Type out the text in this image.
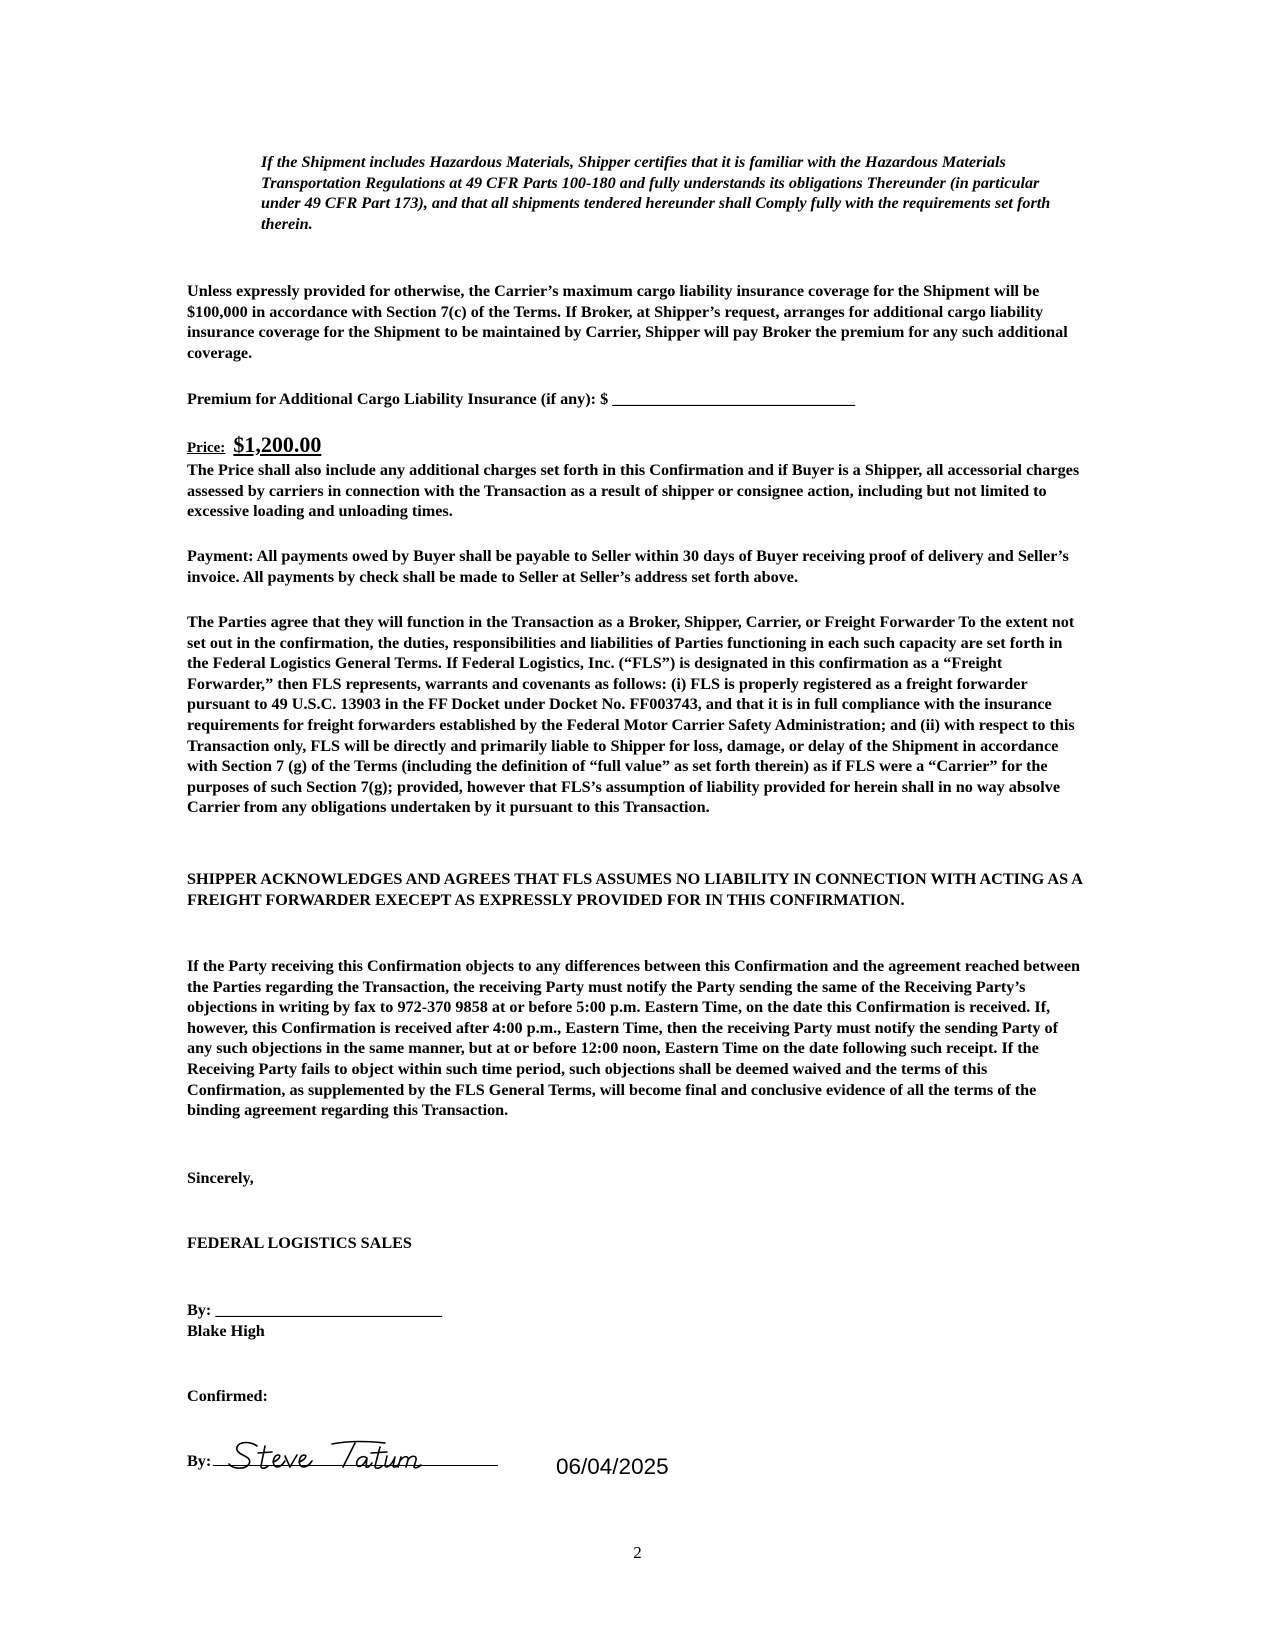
If the Shipment includes Hazardous Materials, Shipper certifies that it is familiar with the Hazardous Materials Transportation Regulations at 49 CFR Parts 100-180 and fully understands its obligations Thereunder (in particular under 49 CFR Part 173), and that all shipments tendered hereunder shall Comply fully with the requirements set forth therein.

Unless expressly provided for otherwise, the Carrier’s maximum cargo liability insurance coverage for the Shipment will be $100,000 in accordance with Section 7(c) of the Terms. If Broker, at Shipper’s request, arranges for additional cargo liability insurance coverage for the Shipment to be maintained by Carrier, Shipper will pay Broker the premium for any such additional coverage.

Premium for Additional Cargo Liability Insurance (if any): $ ______________________________

Price: $1,200.00

The Price shall also include any additional charges set forth in this Confirmation and if Buyer is a Shipper, all accessorial charges assessed by carriers in connection with the Transaction as a result of shipper or consignee action, including but not limited to excessive loading and unloading times.

Payment: All payments owed by Buyer shall be payable to Seller within 30 days of Buyer receiving proof of delivery and Seller’s invoice. All payments by check shall be made to Seller at Seller’s address set forth above.

The Parties agree that they will function in the Transaction as a Broker, Shipper, Carrier, or Freight Forwarder To the extent not set out in the confirmation, the duties, responsibilities and liabilities of Parties functioning in each such capacity are set forth in the Federal Logistics General Terms. If Federal Logistics, Inc. (“FLS”) is designated in this confirmation as a “Freight Forwarder,” then FLS represents, warrants and covenants as follows: (i) FLS is properly registered as a freight forwarder pursuant to 49 U.S.C. 13903 in the FF Docket under Docket No. FF003743, and that it is in full compliance with the insurance requirements for freight forwarders established by the Federal Motor Carrier Safety Administration; and (ii) with respect to this Transaction only, FLS will be directly and primarily liable to Shipper for loss, damage, or delay of the Shipment in accordance with Section 7 (g) of the Terms (including the definition of “full value” as set forth therein) as if FLS were a “Carrier” for the purposes of such Section 7(g); provided, however that FLS’s assumption of liability provided for herein shall in no way absolve Carrier from any obligations undertaken by it pursuant to this Transaction.

SHIPPER ACKNOWLEDGES AND AGREES THAT FLS ASSUMES NO LIABILITY IN CONNECTION WITH ACTING AS A FREIGHT FORWARDER EXECEPT AS EXPRESSLY PROVIDED FOR IN THIS CONFIRMATION.

If the Party receiving this Confirmation objects to any differences between this Confirmation and the agreement reached between the Parties regarding the Transaction, the receiving Party must notify the Party sending the same of the Receiving Party’s objections in writing by fax to 972-370 9858 at or before 5:00 p.m. Eastern Time, on the date this Confirmation is received. If, however, this Confirmation is received after 4:00 p.m., Eastern Time, then the receiving Party must notify the sending Party of any such objections in the same manner, but at or before 12:00 noon, Eastern Time on the date following such receipt. If the Receiving Party fails to object within such time period, such objections shall be deemed waived and the terms of this Confirmation, as supplemented by the FLS General Terms, will become final and conclusive evidence of all the terms of the binding agreement regarding this Transaction.

Sincerely,

FEDERAL LOGISTICS SALES

By: ____________________________

Blake High

Confirmed:

By:	06/04/2025
2
